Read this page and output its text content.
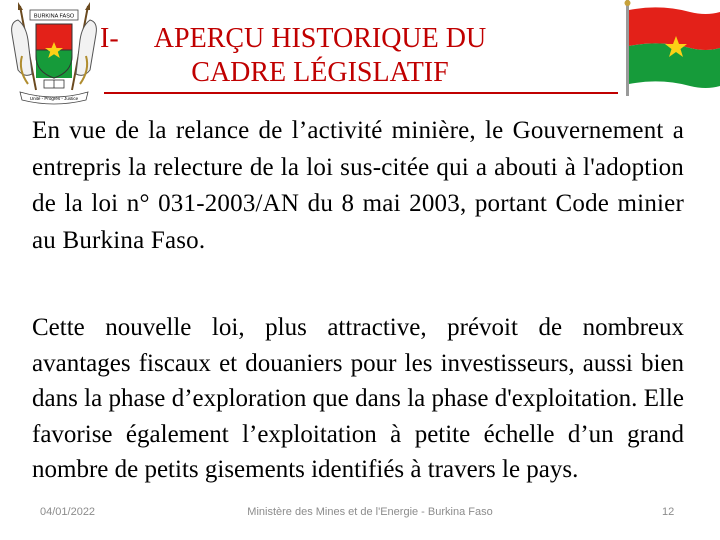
BURKINA FASO
Unité - Progrès - Justice
I-	APERÇU HISTORIQUE DU
CADRE LÉGISLATIF

En vue de la relance de l’activité minière, le Gouvernement a entrepris la relecture de la loi sus-citée qui a abouti à l'adoption de la loi n° 031-2003/AN du 8 mai 2003, portant Code minier au Burkina Faso.

Cette nouvelle loi, plus attractive, prévoit de nombreux avantages fiscaux et douaniers pour les investisseurs, aussi bien dans la phase d’exploration que dans la phase d'exploitation. Elle favorise également l’exploitation à petite échelle d’un grand nombre de petits gisements identifiés à travers le pays.

04/01/2022	Ministère des Mines et de l'Energie - Burkina Faso	12
